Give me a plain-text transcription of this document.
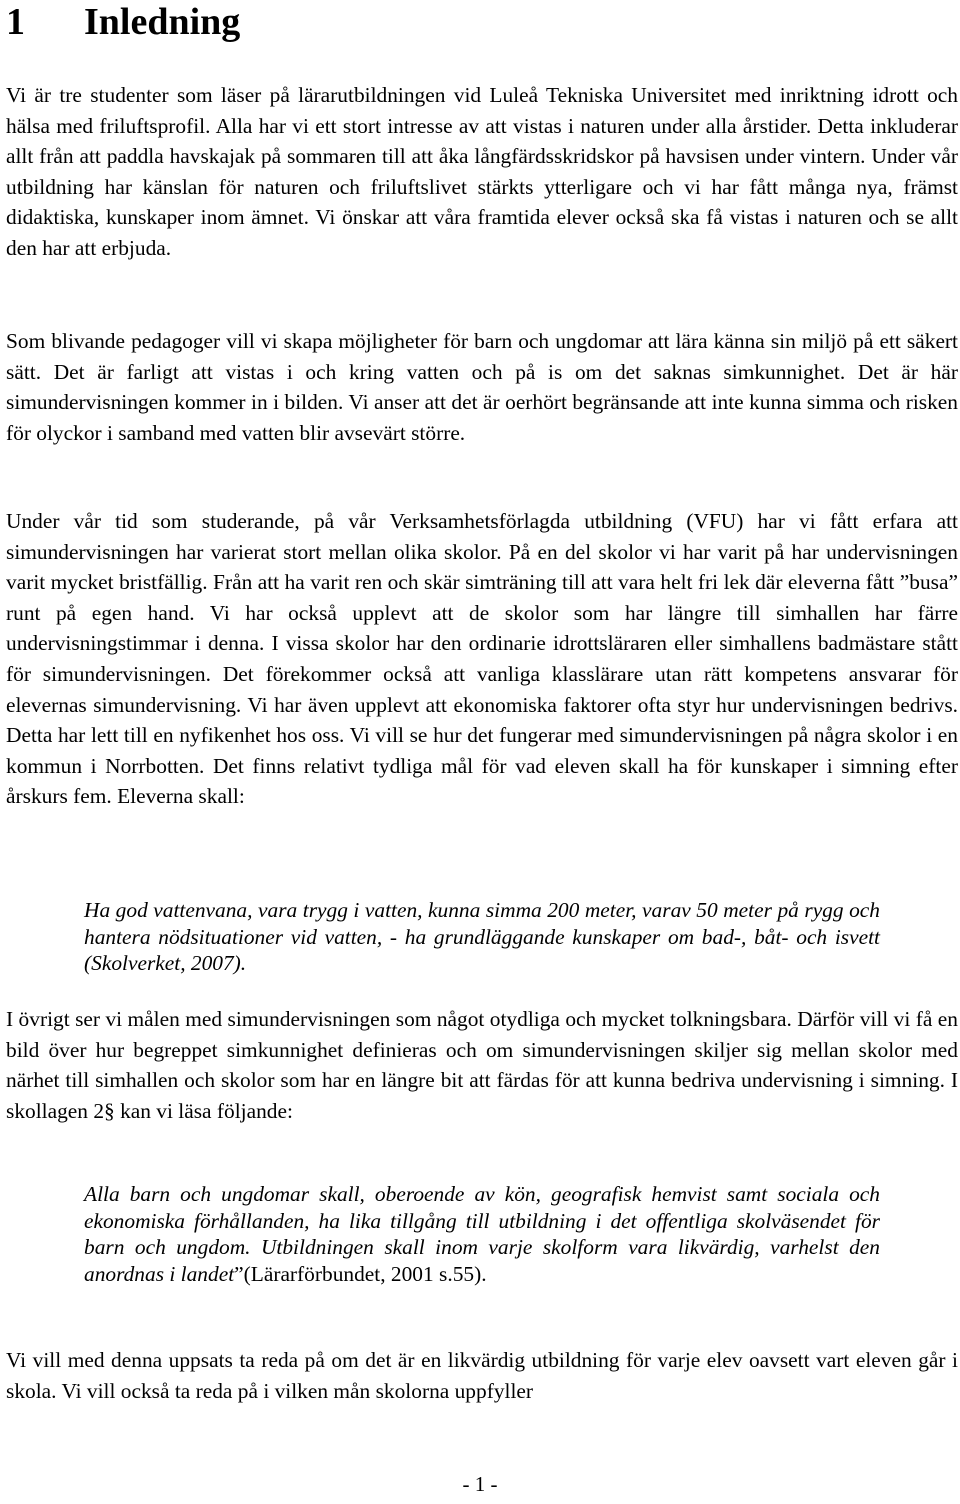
1 Inledning

Vi är tre studenter som läser på lärarutbildningen vid Luleå Tekniska Universitet med inriktning idrott och hälsa med friluftsprofil. Alla har vi ett stort intresse av att vistas i naturen under alla årstider. Detta inkluderar allt från att paddla havskajak på sommaren till att åka långfärdsskridskor på havsisen under vintern. Under vår utbildning har känslan för naturen och friluftslivet stärkts ytterligare och vi har fått många nya, främst didaktiska, kunskaper inom ämnet. Vi önskar att våra framtida elever också ska få vistas i naturen och se allt den har att erbjuda.

Som blivande pedagoger vill vi skapa möjligheter för barn och ungdomar att lära känna sin miljö på ett säkert sätt. Det är farligt att vistas i och kring vatten och på is om det saknas simkunnighet. Det är här simundervisningen kommer in i bilden. Vi anser att det är oerhört begränsande att inte kunna simma och risken för olyckor i samband med vatten blir avsevärt större.

Under vår tid som studerande, på vår Verksamhetsförlagda utbildning (VFU) har vi fått erfara att simundervisningen har varierat stort mellan olika skolor. På en del skolor vi har varit på har undervisningen varit mycket bristfällig. Från att ha varit ren och skär simträning till att vara helt fri lek där eleverna fått ”busa” runt på egen hand. Vi har också upplevt att de skolor som har längre till simhallen har färre undervisningstimmar i denna. I vissa skolor har den ordinarie idrottsläraren eller simhallens badmästare stått för simundervisningen. Det förekommer också att vanliga klasslärare utan rätt kompetens ansvarar för elevernas simundervisning. Vi har även upplevt att ekonomiska faktorer ofta styr hur undervisningen bedrivs. Detta har lett till en nyfikenhet hos oss. Vi vill se hur det fungerar med simundervisningen på några skolor i en kommun i Norrbotten. Det finns relativt tydliga mål för vad eleven skall ha för kunskaper i simning efter årskurs fem. Eleverna skall:

Ha god vattenvana, vara trygg i vatten, kunna simma 200 meter, varav 50 meter på rygg och hantera nödsituationer vid vatten, - ha grundläggande kunskaper om bad-, båt- och isvett (Skolverket, 2007).

I övrigt ser vi målen med simundervisningen som något otydliga och mycket tolkningsbara. Därför vill vi få en bild över hur begreppet simkunnighet definieras och om simundervisningen skiljer sig mellan skolor med närhet till simhallen och skolor som har en längre bit att färdas för att kunna bedriva undervisning i simning. I skollagen 2§ kan vi läsa följande:

Alla barn och ungdomar skall, oberoende av kön, geografisk hemvist samt sociala och ekonomiska förhållanden, ha lika tillgång till utbildning i det offentliga skolväsendet för barn och ungdom. Utbildningen skall inom varje skolform vara likvärdig, varhelst den anordnas i landet”(Lärarförbundet, 2001 s.55).

Vi vill med denna uppsats ta reda på om det är en likvärdig utbildning för varje elev oavsett vart eleven går i skola. Vi vill också ta reda på i vilken mån skolorna uppfyller

- 1 -
